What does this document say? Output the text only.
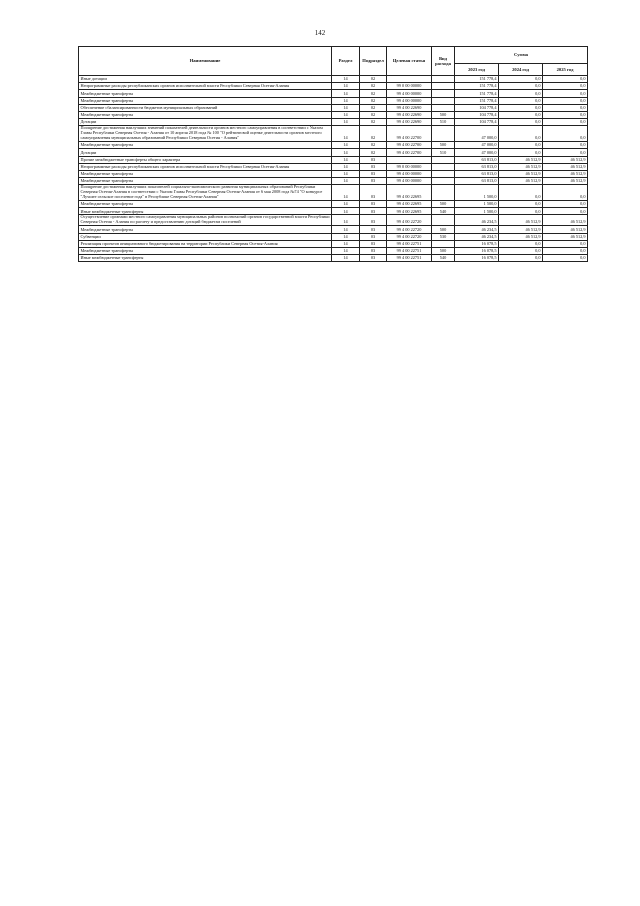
142
Наименование	Раздел	Подраздел	Целевая статья	Вид расхода	Сумма		
					2023 год	2024 год	2025 год
Иные дотации	14	02			151 778,4	0,0	0,0
Непрограммные расходы республиканских органов исполнительной власти Республики Северная Осетия-Алания	14	02	99 0 00 00000		151 778,4	0,0	0,0
Межбюджетные трансферты	14	02	99 4 00 00000		151 778,4	0,0	0,0
Межбюджетные трансферты	14	02	99 4 00 00000		151 778,4	0,0	0,0
Обеспечение сбалансированности бюджетов муниципальных образований	14	02	99 4 00 22690		104 778,4	0,0	0,0
Межбюджетные трансферты	14	02	99 4 00 22690	500	104 778,4	0,0	0,0
Дотации	14	02	99 4 00 22690	510	104 778,4	0,0	0,0
Поощрение достижения наилучших значений показателей деятельности органов местного самоуправления в соответствии с Указом Главы Республики Северная Осетия - Алания от 10 апреля 2018 года № 100 "О рейтинговой оценке деятельности органов местного самоуправления муниципальных образований Республики Северная Осетия - Алания"	14	02	99 4 00 22700		47 000,0	0,0	0,0
Межбюджетные трансферты	14	02	99 4 00 22700	500	47 000,0	0,0	0,0
Дотации	14	02	99 4 00 22700	510	47 000,0	0,0	0,0
Прочие межбюджетные трансферты общего характера	14	03			63 813,0	46 512,9	46 512,9
Непрограммные расходы республиканских органов исполнительной власти Республики Северная Осетия-Алания	14	03	99 0 00 00000		63 813,0	46 512,9	46 512,9
Межбюджетные трансферты	14	03	99 4 00 00000		63 813,0	46 512,9	46 512,9
Межбюджетные трансферты	14	03	99 4 00 00000		63 813,0	46 512,9	46 512,9
Поощрение достижения наилучших показателей социально-экономического развития муниципальных образований Республики Северная Осетия-Алания в соответствии с Указом Главы Республики Северная Осетия-Алания от 6 мая 2008 года №74 "О конкурсе "Лучшее сельское поселение года" в Республике Северная Осетия-Алания"	14	03	99 4 00 22695		1 500,0	0,0	0,0
Межбюджетные трансферты	14	03	99 4 00 22695	500	1 500,0	0,0	0,0
Иные межбюджетные трансферты	14	03	99 4 00 22695	540	1 500,0	0,0	0,0
Осуществление органами местного самоуправления муниципальных районов полномочий органов государственной власти Республики Северная Осетия - Алания по расчету и предоставлению дотаций бюджетам поселений	14	03	99 4 00 22720		46 234,5	46 512,9	46 512,9
Межбюджетные трансферты	14	03	99 4 00 22720	500	46 234,5	46 512,9	46 512,9
Субвенции	14	03	99 4 00 22720	530	46 234,5	46 512,9	46 512,9
Реализация проектов инициативного бюджетирования на территории Республики Северная Осетия-Алания	14	03	99 4 00 22751		16 078,5	0,0	0,0
Межбюджетные трансферты	14	03	99 4 00 22751	500	16 078,5	0,0	0,0
Иные межбюджетные трансферты	14	03	99 4 00 22751	540	16 078,5	0,0	0,0
